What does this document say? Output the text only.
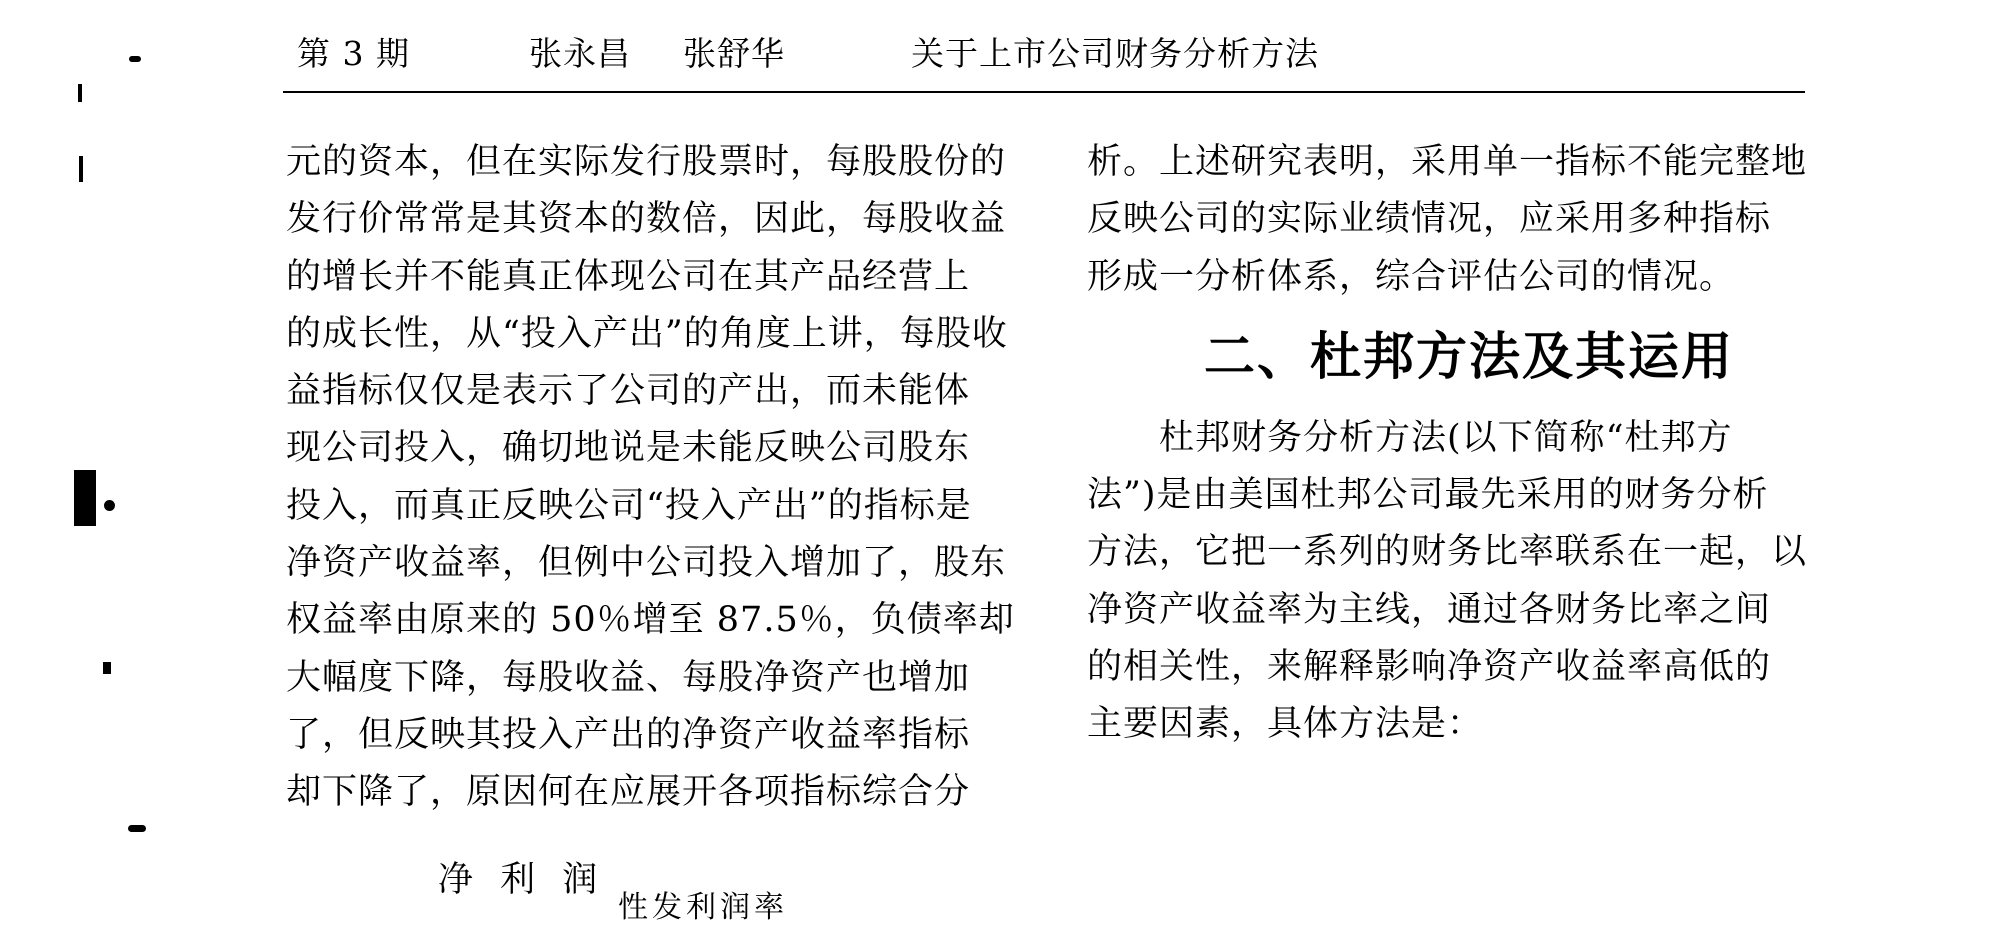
第 3 期	张永昌 张舒华	关于上市公司财务分析方法
元的资本，但在实际发行股票时，每股股份的
发行价常常是其资本的数倍，因此，每股收益
的增长并不能真正体现公司在其产品经营上
的成长性，从“投入产出”的角度上讲，每股收
益指标仅仅是表示了公司的产出，而未能体
现公司投入，确切地说是未能反映公司股东
投入，而真正反映公司“投入产出”的指标是
净资产收益率，但例中公司投入增加了，股东
权益率由原来的 50％增至 87.5％，负债率却
大幅度下降，每股收益、每股净资产也增加
了，但反映其投入产出的净资产收益率指标
却下降了，原因何在应展开各项指标综合分
析。上述研究表明，采用单一指标不能完整地
反映公司的实际业绩情况，应采用多种指标
形成一分析体系，综合评估公司的情况。
二、杜邦方法及其运用
杜邦财务分析方法(以下简称“杜邦方
法”)是由美国杜邦公司最先采用的财务分析
方法，它把一系列的财务比率联系在一起，以
净资产收益率为主线，通过各财务比率之间
的相关性，来解释影响净资产收益率高低的
主要因素，具体方法是：
净 利 润
性发利润率
